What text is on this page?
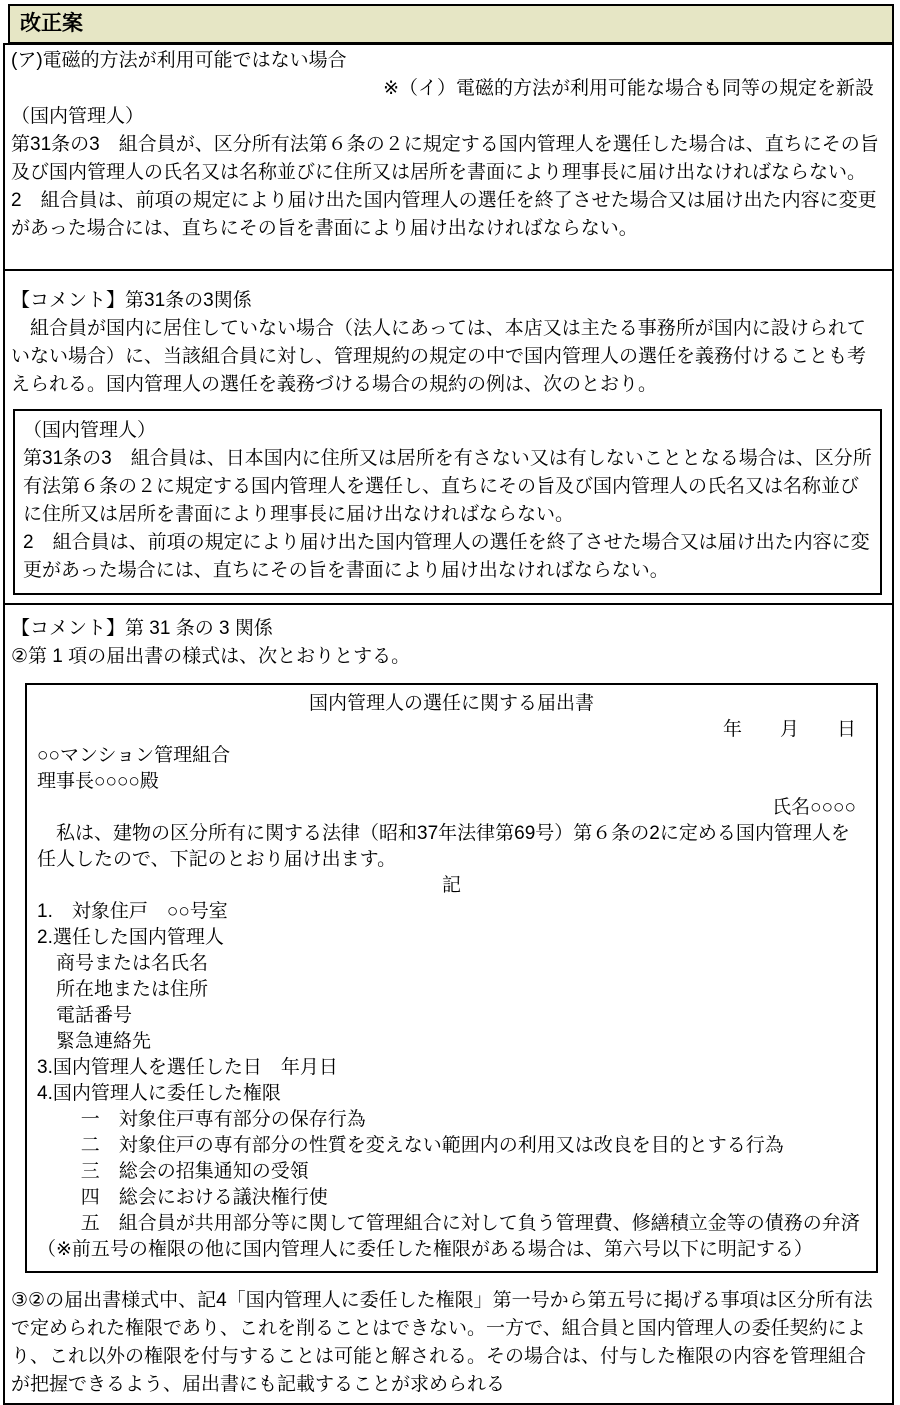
改正案
(ア)電磁的方法が利用可能ではない場合
※（イ）電磁的方法が利用可能な場合も同等の規定を新設
（国内管理人）
第31条の3　組合員が、区分所有法第６条の２に規定する国内管理人を選任した場合は、直ちにその旨及び国内管理人の氏名又は名称並びに住所又は居所を書面により理事長に届け出なければならない。
2　組合員は、前項の規定により届け出た国内管理人の選任を終了させた場合又は届け出た内容に変更があった場合には、直ちにその旨を書面により届け出なければならない。
【コメント】第31条の3関係
　組合員が国内に居住していない場合（法人にあっては、本店又は主たる事務所が国内に設けられていない場合）に、当該組合員に対し、管理規約の規定の中で国内管理人の選任を義務付けることも考えられる。国内管理人の選任を義務づける場合の規約の例は、次のとおり。
（国内管理人）
第31条の3　組合員は、日本国内に住所又は居所を有さない又は有しないこととなる場合は、区分所有法第６条の２に規定する国内管理人を選任し、直ちにその旨及び国内管理人の氏名又は名称並びに住所又は居所を書面により理事長に届け出なければならない。
2　組合員は、前項の規定により届け出た国内管理人の選任を終了させた場合又は届け出た内容に変更があった場合には、直ちにその旨を書面により届け出なければならない。
【コメント】第 31 条の 3 関係
②第 1 項の届出書の様式は、次とおりとする。
国内管理人の選任に関する届出書
年　　月　　日
○○マンション管理組合
理事長○○○○殿
氏名○○○○
　私は、建物の区分所有に関する法律（昭和37年法律第69号）第６条の2に定める国内管理人を任人したので、下記のとおり届け出ます。
記
1.　対象住戸　○○号室
2.選任した国内管理人
　商号または名氏名
　所在地または住所
　電話番号
　緊急連絡先
3.国内管理人を選任した日　年月日
4.国内管理人に委任した権限
一　対象住戸専有部分の保存行為
二　対象住戸の専有部分の性質を変えない範囲内の利用又は改良を目的とする行為
三　総会の招集通知の受領
四　総会における議決権行使
五　組合員が共用部分等に関して管理組合に対して負う管理費、修繕積立金等の債務の弁済
（※前五号の権限の他に国内管理人に委任した権限がある場合は、第六号以下に明記する）
③②の届出書様式中、記4「国内管理人に委任した権限」第一号から第五号に掲げる事項は区分所有法で定められた権限であり、これを削ることはできない。一方で、組合員と国内管理人の委任契約により、これ以外の権限を付与することは可能と解される。その場合は、付与した権限の内容を管理組合が把握できるよう、届出書にも記載することが求められる
